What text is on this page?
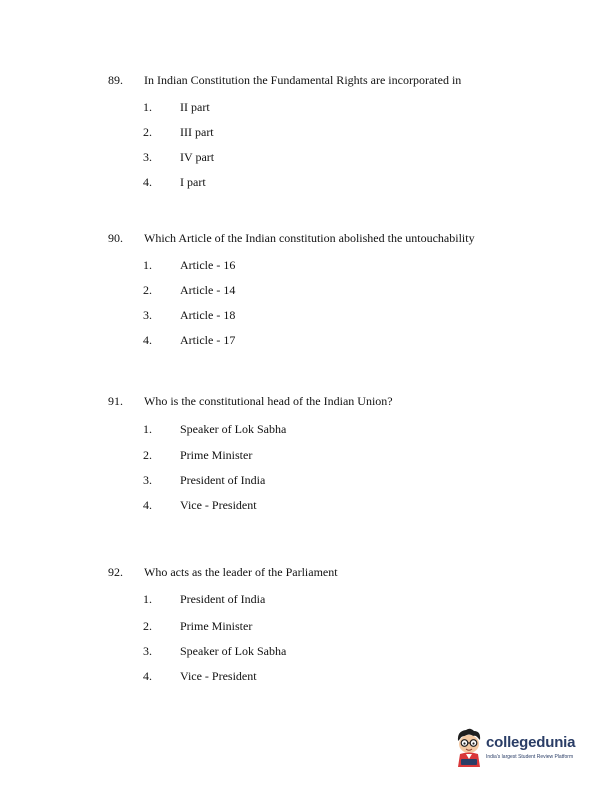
89. In Indian Constitution the Fundamental Rights are incorporated in
1. II part
2. III part
3. IV part
4. I part
90. Which Article of the Indian constitution abolished the untouchability
1. Article - 16
2. Article - 14
3. Article - 18
4. Article - 17
91. Who is the constitutional head of the Indian Union?
1. Speaker of Lok Sabha
2. Prime Minister
3. President of India
4. Vice - President
92. Who acts as the leader of the Parliament
1. President of India
2. Prime Minister
3. Speaker of Lok Sabha
4. Vice - President
collegedunia
India's largest Student Review Platform
